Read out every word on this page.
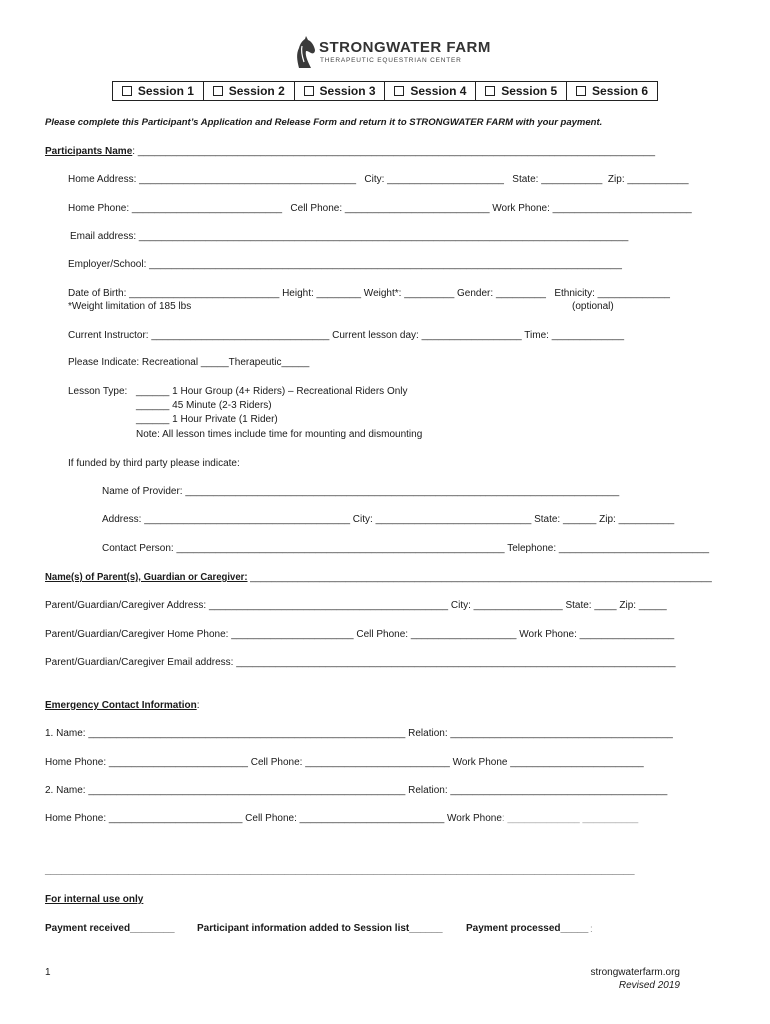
STRONGWATER FARM
THERAPEUTIC EQUESTRIAN CENTER
Session 1	Session 2	Session 3	Session 4	Session 5	Session 6
Please complete this Participant’s Application and Release Form and return it to STRONGWATER FARM with your payment.
Participants Name: _____________________________________________________________________________________________
Home Address: _______________________________________   City: _____________________   State: ___________  Zip: ___________
Home Phone: ___________________________   Cell Phone: __________________________ Work Phone: _________________________
Email address: ________________________________________________________________________________________
Employer/School: _____________________________________________________________________________________
Date of Birth: ___________________________ Height: ________ Weight*: _________ Gender: _________   Ethnicity: _____________
*Weight limitation of 185 lbs	(optional)
Current Instructor: ________________________________ Current lesson day: __________________ Time: _____________
Please Indicate: Recreational _____Therapeutic_____
Lesson Type: ______ 1 Hour Group (4+ Riders) – Recreational Riders Only
______ 45 Minute (2-3 Riders)
______ 1 Hour Private (1 Rider)
Note: All lesson times include time for mounting and dismounting
If funded by third party please indicate:
Name of Provider: ______________________________________________________________________________
Address: _____________________________________ City: ____________________________ State: ______ Zip: __________
Contact Person: ___________________________________________________________ Telephone: ___________________________
Name(s) of Parent(s), Guardian or Caregiver: _______________________________________________________________________________________
Parent/Guardian/Caregiver Address: ___________________________________________ City: ________________ State: ____ Zip: _____
Parent/Guardian/Caregiver Home Phone: ______________________ Cell Phone: ___________________ Work Phone: _________________
Parent/Guardian/Caregiver Email address: _______________________________________________________________________________
Emergency Contact Information:
1. Name: _________________________________________________________ Relation: ________________________________________
Home Phone: _________________________ Cell Phone: __________________________ Work Phone ________________________
2. Name: _________________________________________________________ Relation: _______________________________________
Home Phone: ________________________ Cell Phone: __________________________ Work Phone: _____________ __________
__________________________________________________________________________________________________________
For internal use only
Payment received________ Participant information added to Session list______ Payment processed_____ :
1	strongwaterfarm.org
Revised 2019
